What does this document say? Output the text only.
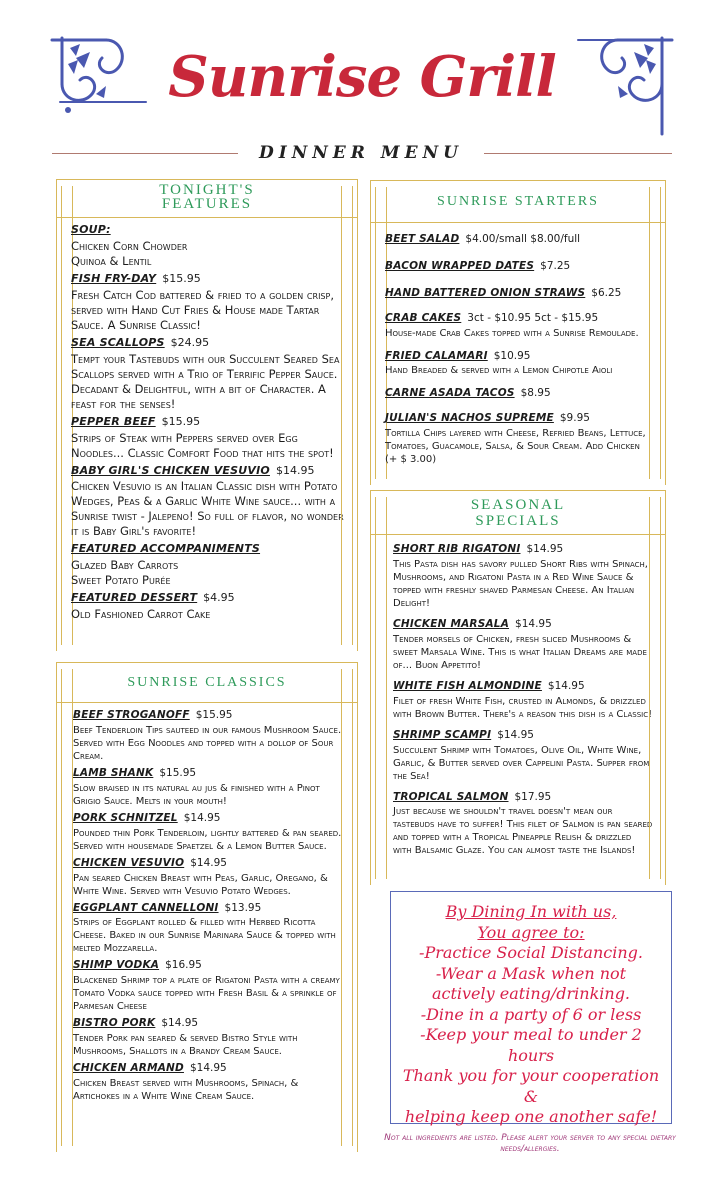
Sunrise Grill
DINNER MENU
TONIGHT'S
FEATURES
SOUP:
Chicken Corn Chowder
Quinoa & Lentil
FISH FRY-DAY $15.95
Fresh Catch Cod battered & fried to a golden crisp, served with Hand Cut Fries & House made Tartar Sauce. A Sunrise Classic!
SEA SCALLOPS $24.95
Tempt your Tastebuds with our Succulent Seared Sea Scallops served with a Trio of Terrific Pepper Sauce. Decadant & Delightful, with a bit of Character. A feast for the senses!
PEPPER BEEF $15.95
Strips of Steak with Peppers served over Egg Noodles... Classic Comfort Food that hits the spot!
BABY GIRL'S CHICKEN VESUVIO $14.95
Chicken Vesuvio is an Italian Classic dish with Potato Wedges, Peas & a Garlic White Wine sauce... with a Sunrise twist - Jalepeno! So full of flavor, no wonder it is Baby Girl's favorite!
FEATURED ACCOMPANIMENTS
Glazed Baby Carrots
Sweet Potato Purée
FEATURED DESSERT $4.95
Old Fashioned Carrot Cake
SUNRISE CLASSICS
BEEF STROGANOFF $15.95
Beef Tenderloin Tips sauteed in our famous Mushroom Sauce. Served with Egg Noodles and topped with a dollop of Sour Cream.
LAMB SHANK $15.95
Slow braised in its natural au jus & finished with a Pinot Grigio Sauce. Melts in your mouth!
PORK SCHNITZEL $14.95
Pounded thin Pork Tenderloin, lightly battered & pan seared. Served with housemade Spaetzel & a Lemon Butter Sauce.
CHICKEN VESUVIO $14.95
Pan seared Chicken Breast with Peas, Garlic, Oregano, & White Wine. Served with Vesuvio Potato Wedges.
EGGPLANT CANNELLONI $13.95
Strips of Eggplant rolled & filled with Herbed Ricotta Cheese. Baked in our Sunrise Marinara Sauce & topped with melted Mozzarella.
SHIMP VODKA $16.95
Blackened Shrimp top a plate of Rigatoni Pasta with a creamy Tomato Vodka sauce topped with Fresh Basil & a sprinkle of Parmesan Cheese
BISTRO PORK $14.95
Tender Pork pan seared & served Bistro Style with Mushrooms, Shallots in a Brandy Cream Sauce.
CHICKEN ARMAND $14.95
Chicken Breast served with Mushrooms, Spinach, & Artichokes in a White Wine Cream Sauce.
SUNRISE STARTERS
BEET SALAD $4.00/small $8.00/full
BACON WRAPPED DATES $7.25
HAND BATTERED ONION STRAWS $6.25
CRAB CAKES 3ct - $10.95 5ct - $15.95
House-made Crab Cakes topped with a Sunrise Remoulade.
FRIED CALAMARI $10.95
Hand Breaded & served with a Lemon Chipotle Aioli
CARNE ASADA TACOS $8.95
JULIAN'S NACHOS SUPREME $9.95
Tortilla Chips layered with Cheese, Refried Beans, Lettuce, Tomatoes, Guacamole, Salsa, & Sour Cream. Add Chicken (+ $ 3.00)
SEASONAL
SPECIALS
SHORT RIB RIGATONI $14.95
This Pasta dish has savory pulled Short Ribs with Spinach, Mushrooms, and Rigatoni Pasta in a Red Wine Sauce & topped with freshly shaved Parmesan Cheese. An Italian Delight!
CHICKEN MARSALA $14.95
Tender morsels of Chicken, fresh sliced Mushrooms & sweet Marsala Wine. This is what Italian Dreams are made of... Buon Appetito!
WHITE FISH ALMONDINE $14.95
Filet of fresh White Fish, crusted in Almonds, & drizzled with Brown Butter. There's a reason this dish is a Classic!
SHRIMP SCAMPI $14.95
Succulent Shrimp with Tomatoes, Olive Oil, White Wine, Garlic, & Butter served over Cappelini Pasta. Supper from the Sea!
TROPICAL SALMON $17.95
Just because we shouldn't travel doesn't mean our tastebuds have to suffer! This filet of Salmon is pan seared and topped with a Tropical Pineapple Relish & drizzled with Balsamic Glaze. You can almost taste the Islands!
By Dining In with us,
You agree to:
-Practice Social Distancing.
-Wear a Mask when not
actively eating/drinking.
-Dine in a party of 6 or less
-Keep your meal to under 2 hours
Thank you for your cooperation &
helping keep one another safe!
Not all ingredients are listed. Please alert your server to any special dietary needs/allergies.
